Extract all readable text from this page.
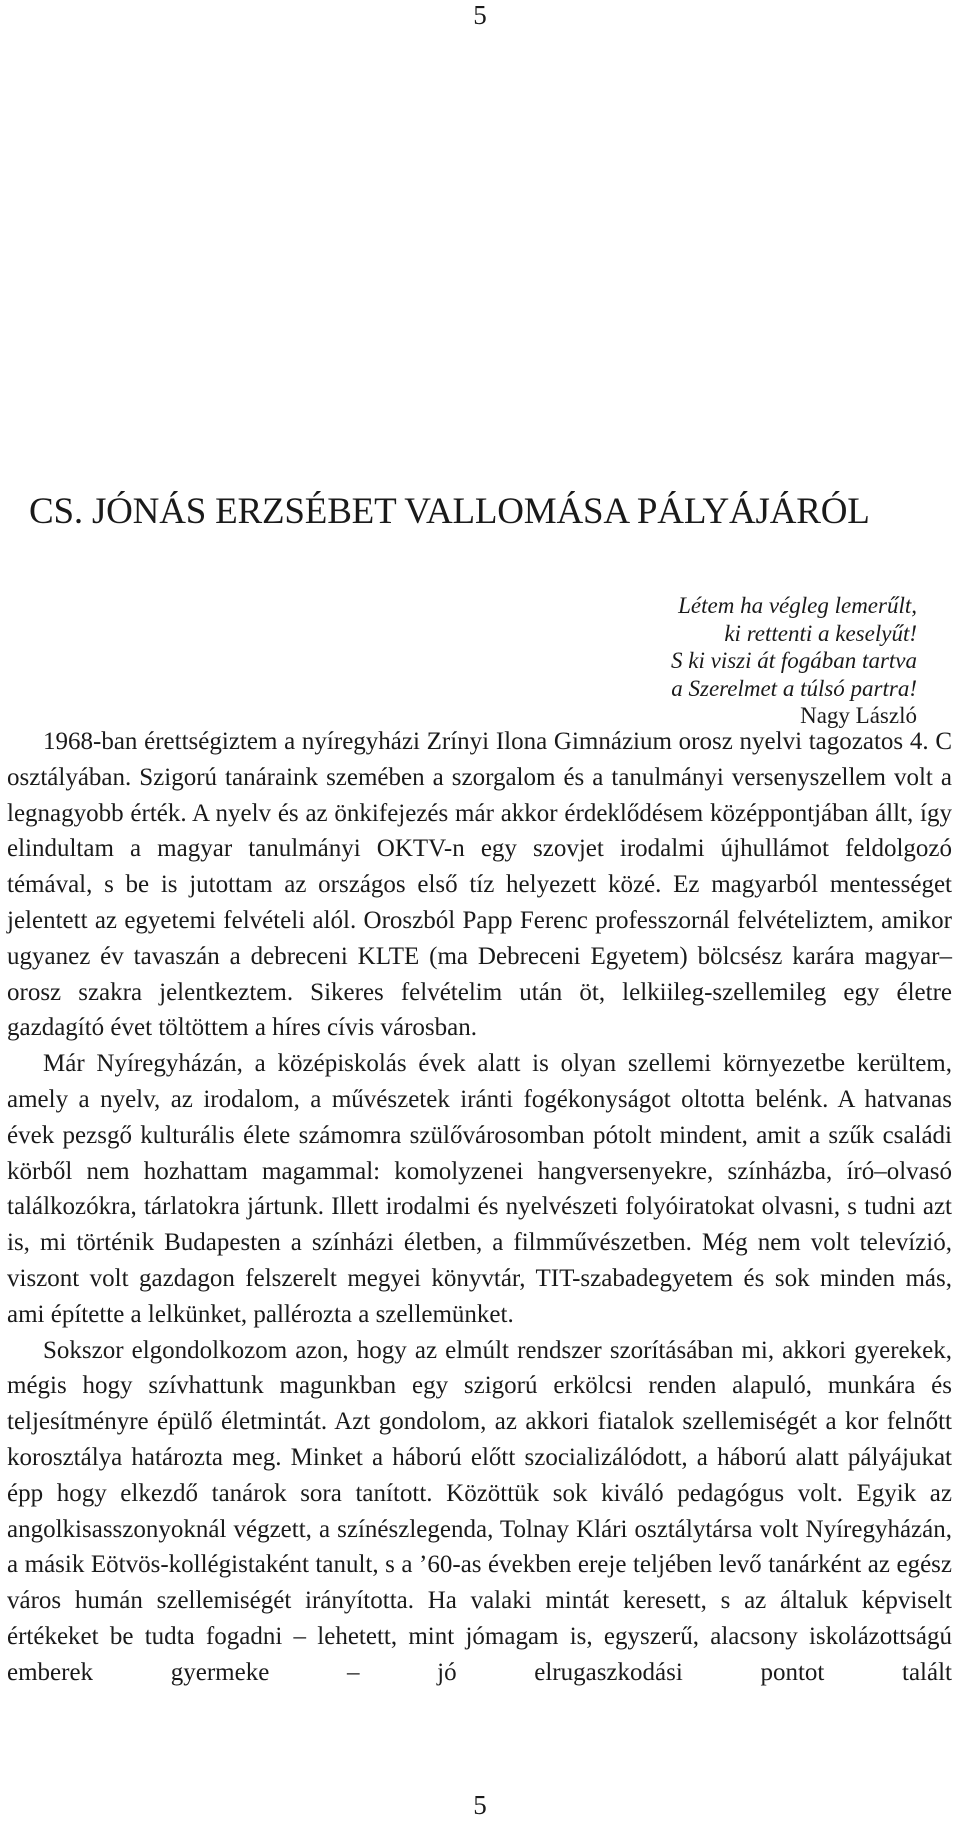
5
CS. JÓNÁS ERZSÉBET VALLOMÁSA PÁLYÁJÁRÓL
Létem ha végleg lemerűlt,
ki rettenti a keselyűt!
S ki viszi át fogában tartva
a Szerelmet a túlsó partra!
Nagy László

1968-ban érettségiztem a nyíregyházi Zrínyi Ilona Gimnázium orosz nyelvi tagozatos 4. C osztályában. Szigorú tanáraink szemében a szorgalom és a tanulmányi versenyszellem volt a legnagyobb érték. A nyelv és az önkifejezés már akkor érdeklődésem középpontjában állt, így elindultam a magyar tanulmányi OKTV-n egy szovjet irodalmi újhullámot feldolgozó témával, s be is jutottam az országos első tíz helyezett közé. Ez magyarból mentességet jelentett az egyetemi felvételi alól. Oroszból Papp Ferenc professzornál felvételiztem, amikor ugyanez év tavaszán a debreceni KLTE (ma Debreceni Egyetem) bölcsész karára magyar–orosz szakra jelentkeztem. Sikeres felvételim után öt, lelkiileg-szellemileg egy életre gazdagító évet töltöttem a híres cívis városban.

Már Nyíregyházán, a középiskolás évek alatt is olyan szellemi környezetbe kerültem, amely a nyelv, az irodalom, a művészetek iránti fogékonyságot oltotta belénk. A hatvanas évek pezsgő kulturális élete számomra szülővárosomban pótolt mindent, amit a szűk családi körből nem hozhattam magammal: komolyzenei hangversenyekre, színházba, író–olvasó találkozókra, tárlatokra jártunk. Illett irodalmi és nyelvészeti folyóiratokat olvasni, s tudni azt is, mi történik Budapesten a színházi életben, a filmművészetben. Még nem volt televízió, viszont volt gazdagon felszerelt megyei könyvtár, TIT-szabadegyetem és sok minden más, ami építette a lelkünket, pallérozta a szellemünket.

Sokszor elgondolkozom azon, hogy az elmúlt rendszer szorításában mi, akkori gyerekek, mégis hogy szívhattunk magunkban egy szigorú erkölcsi renden alapuló, munkára és teljesítményre épülő életmintát. Azt gondolom, az akkori fiatalok szellemiségét a kor felnőtt korosztálya határozta meg. Minket a háború előtt szocializálódott, a háború alatt pályájukat épp hogy elkezdő tanárok sora tanított. Közöttük sok kiváló pedagógus volt. Egyik az angolkisasszonyoknál végzett, a színészlegenda, Tolnay Klári osztálytársa volt Nyíregyházán, a másik Eötvös-kollégistaként tanult, s a ’60-as években ereje teljében levő tanárként az egész város humán szellemiségét irányította. Ha valaki mintát keresett, s az általuk képviselt értékeket be tudta fogadni – lehetett, mint jómagam is, egyszerű, alacsony iskolázottságú emberek gyermeke – jó elrugaszkodási pontot talált

5
